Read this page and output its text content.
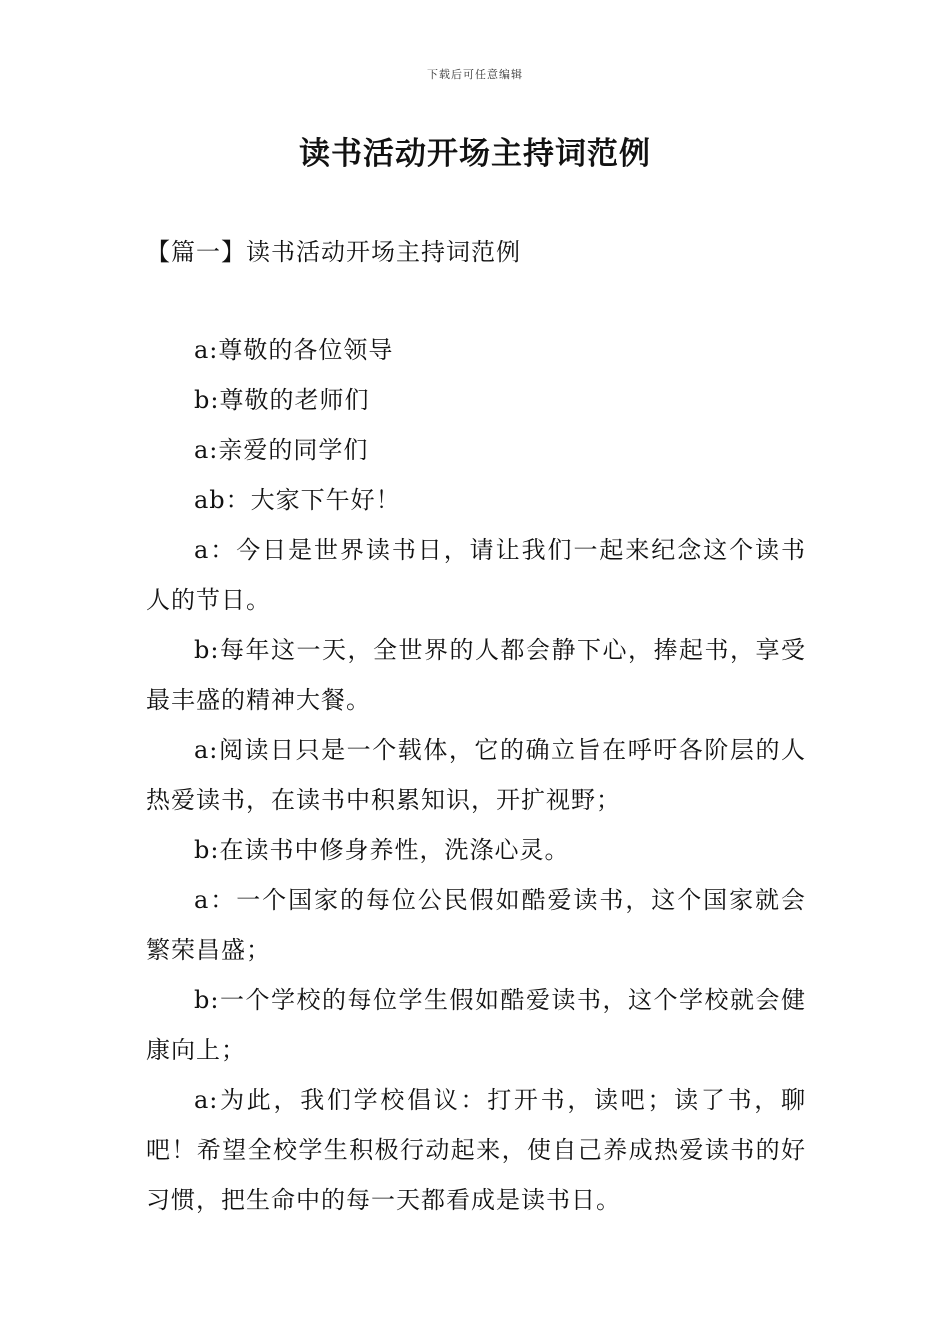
下载后可任意编辑
读书活动开场主持词范例
【篇一】读书活动开场主持词范例

a:尊敬的各位领导

b:尊敬的老师们

a:亲爱的同学们

ab：大家下午好！

a：今日是世界读书日，请让我们一起来纪念这个读书人的节日。

b:每年这一天，全世界的人都会静下心，捧起书，享受最丰盛的精神大餐。

a:阅读日只是一个载体，它的确立旨在呼吁各阶层的人热爱读书，在读书中积累知识，开扩视野；

b:在读书中修身养性，洗涤心灵。

a：一个国家的每位公民假如酷爱读书，这个国家就会繁荣昌盛；

b:一个学校的每位学生假如酷爱读书，这个学校就会健康向上；

a:为此，我们学校倡议：打开书，读吧；读了书，聊吧！希望全校学生积极行动起来，使自己养成热爱读书的好习惯，把生命中的每一天都看成是读书日。
